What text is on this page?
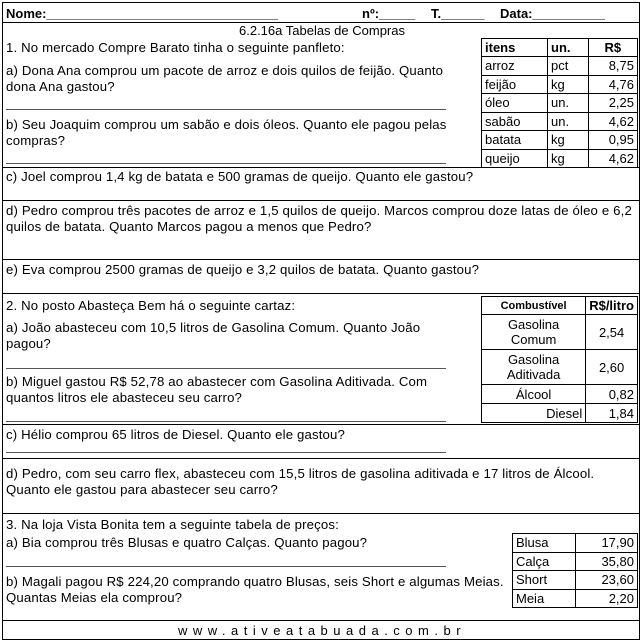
Nome:________________________________	nº:_____ T.______ Data:__________
6.2.16a Tabelas de Compras
1. No mercado Compre Barato tinha o seguinte panfleto:
a) Dona Ana comprou um pacote de arroz e dois quilos de feijão. Quanto dona Ana gastou?
b) Seu Joaquim comprou um sabão e dois óleos. Quanto ele pagou pelas compras?
itens	un.	R$
arroz	pct	8,75
feijão	kg	4,76
óleo	un.	2,25
sabão	un.	4,62
batata	kg	0,95
queijo	kg	4,62
c) Joel comprou 1,4 kg de batata e 500 gramas de queijo. Quanto ele gastou?
d) Pedro comprou três pacotes de arroz e 1,5 quilos de queijo. Marcos comprou doze latas de óleo e 6,2 quilos de batata. Quanto Marcos pagou a menos que Pedro?
e) Eva comprou 2500 gramas de queijo e 3,2 quilos de batata. Quanto gastou?
2. No posto Abasteça Bem há o seguinte cartaz:
a) João abasteceu com 10,5 litros de Gasolina Comum. Quanto João pagou?
b) Miguel gastou R$ 52,78 ao abastecer com Gasolina Aditivada. Com quantos litros ele abasteceu seu carro?
Combustível	R$/litro
Gasolina Comum	2,54
Gasolina Aditivada	2,60
Álcool	0,82
Diesel	1,84
c) Hélio comprou 65 litros de Diesel. Quanto ele gastou?
d) Pedro, com seu carro flex, abasteceu com 15,5 litros de gasolina aditivada e 17 litros de Álcool. Quanto ele gastou para abastecer seu carro?
3. Na loja Vista Bonita tem a seguinte tabela de preços:
a) Bia comprou três Blusas e quatro Calças. Quanto pagou?
b) Magali pagou R$ 224,20 comprando quatro Blusas, seis Short e algumas Meias. Quantas Meias ela comprou?
Blusa	17,90
Calça	35,80
Short	23,60
Meia	2,20
www.ativeatabuada.com.br
